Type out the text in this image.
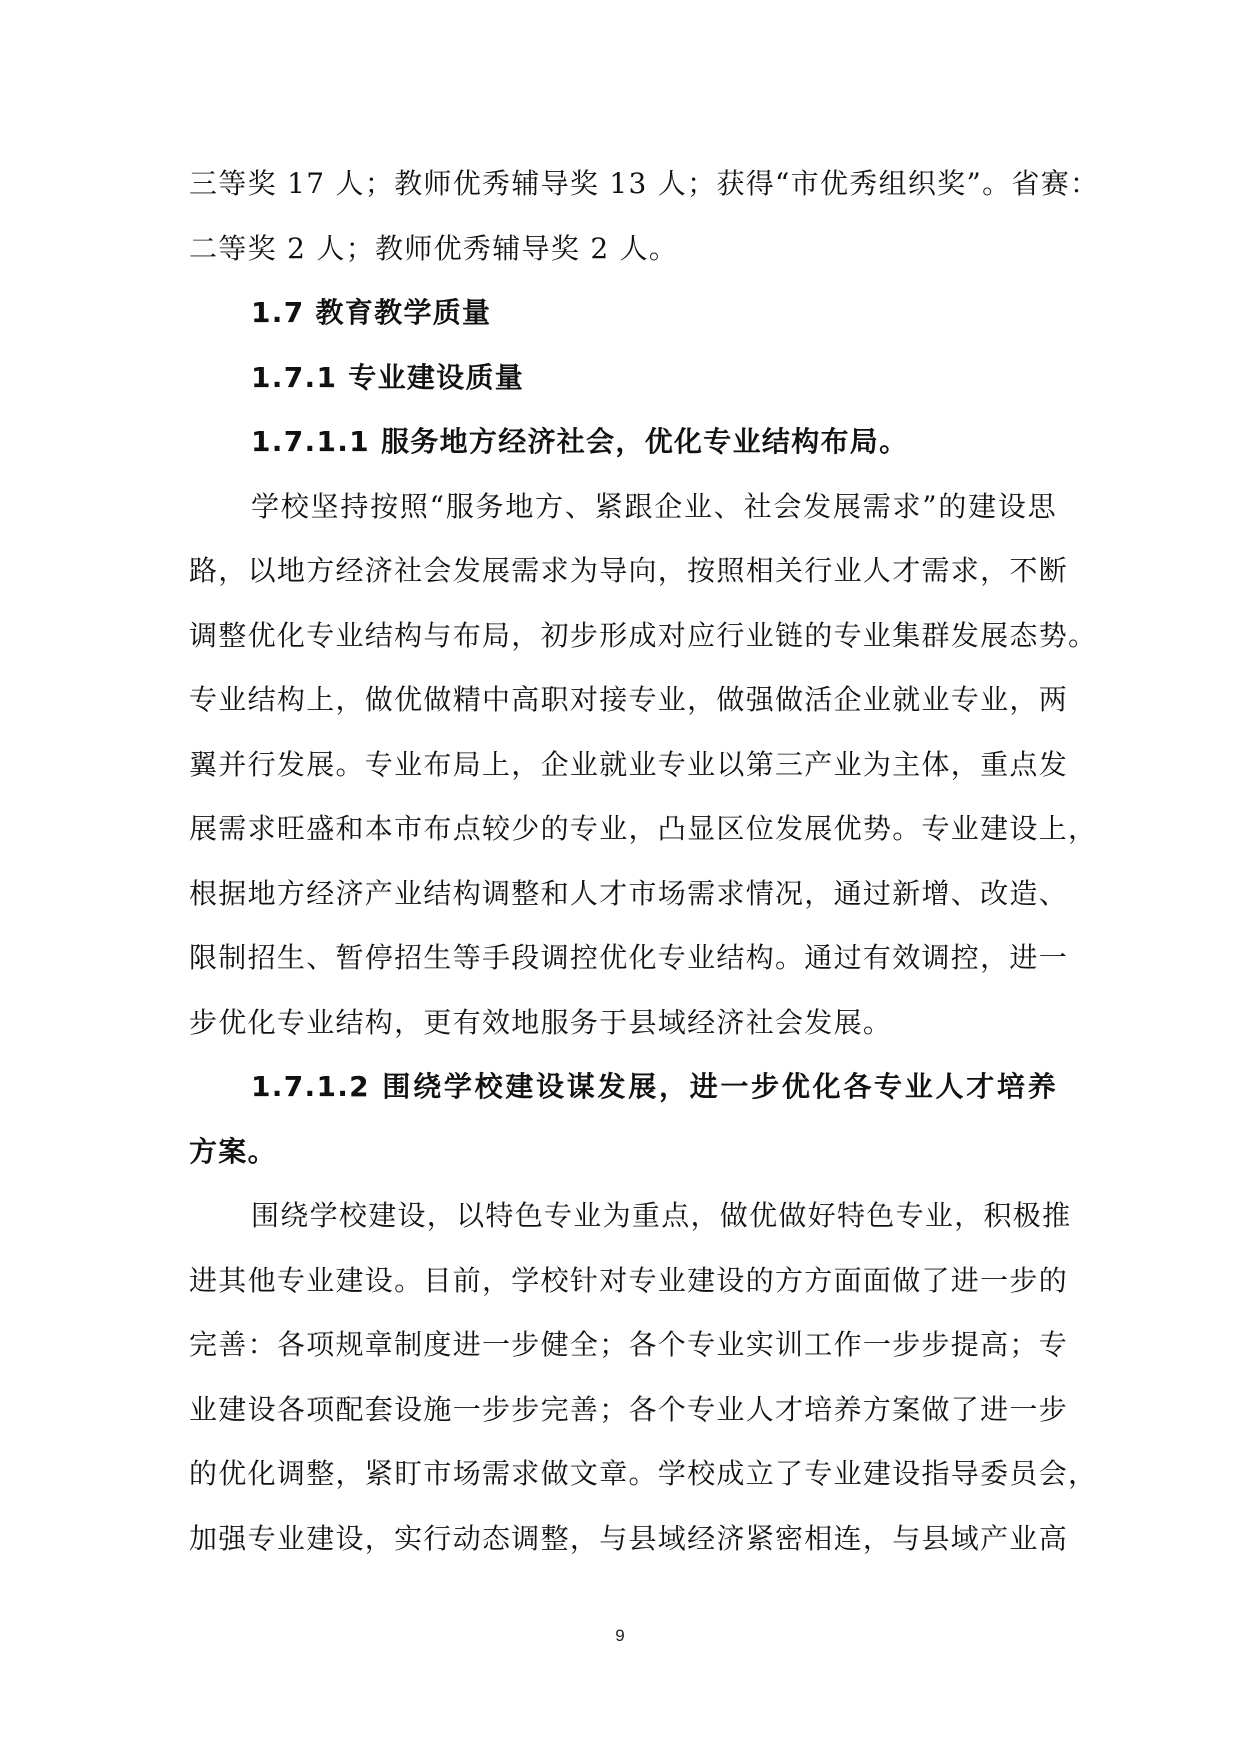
三等奖 17 人；教师优秀辅导奖 13 人；获得“市优秀组织奖”。省赛：
二等奖 2 人；教师优秀辅导奖 2 人。
1.7 教育教学质量
1.7.1 专业建设质量
1.7.1.1 服务地方经济社会，优化专业结构布局。
学校坚持按照“服务地方、紧跟企业、社会发展需求”的建设思
路，以地方经济社会发展需求为导向，按照相关行业人才需求，不断
调整优化专业结构与布局，初步形成对应行业链的专业集群发展态势。
专业结构上，做优做精中高职对接专业，做强做活企业就业专业，两
翼并行发展。专业布局上，企业就业专业以第三产业为主体，重点发
展需求旺盛和本市布点较少的专业，凸显区位发展优势。专业建设上，
根据地方经济产业结构调整和人才市场需求情况，通过新增、改造、
限制招生、暂停招生等手段调控优化专业结构。通过有效调控，进一
步优化专业结构，更有效地服务于县域经济社会发展。
1.7.1.2 围绕学校建设谋发展，进一步优化各专业人才培养
方案。
围绕学校建设，以特色专业为重点，做优做好特色专业，积极推
进其他专业建设。目前，学校针对专业建设的方方面面做了进一步的
完善：各项规章制度进一步健全；各个专业实训工作一步步提高；专
业建设各项配套设施一步步完善；各个专业人才培养方案做了进一步
的优化调整，紧盯市场需求做文章。学校成立了专业建设指导委员会，
加强专业建设，实行动态调整，与县域经济紧密相连，与县域产业高
9
